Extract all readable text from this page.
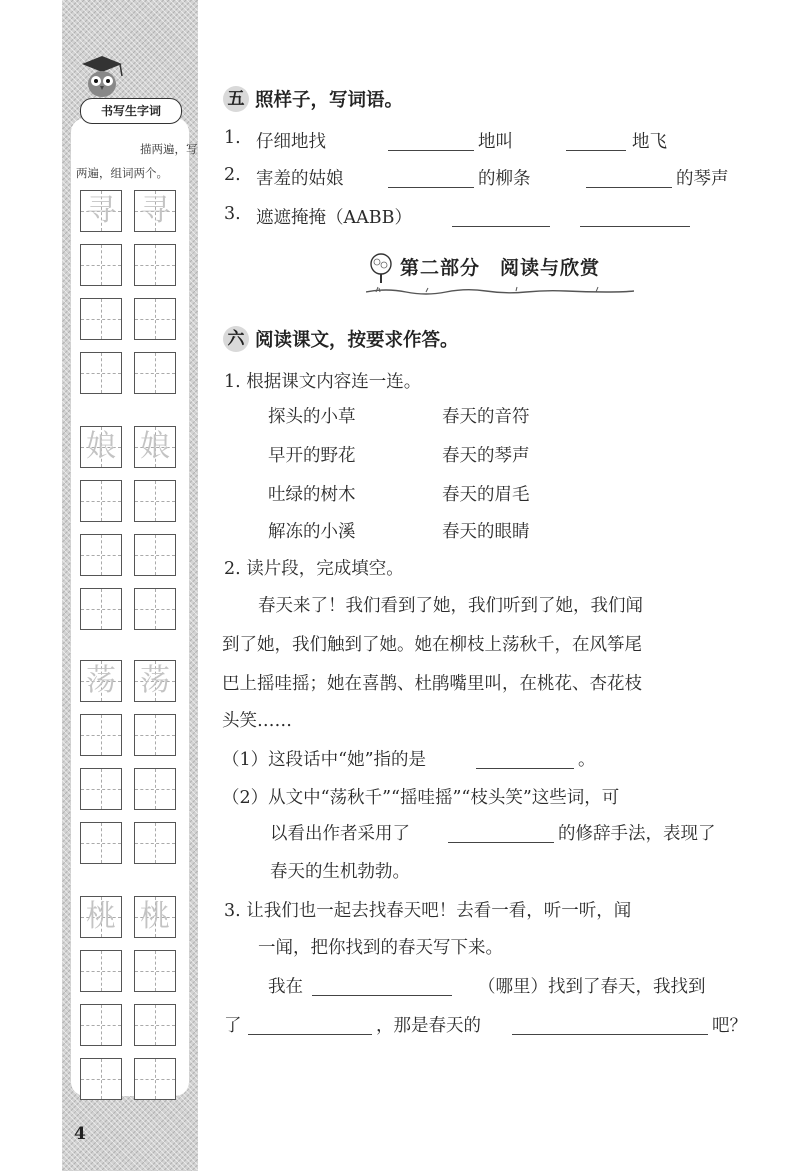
书写生字词
描两遍，写
两遍，组词两个。
寻 寻
娘 娘
荡 荡
桃 桃
4
五 照样子，写词语。
1. 仔细地找	地叫	地飞
2. 害羞的姑娘	的柳条	的琴声
3. 遮遮掩掩（AABB）
第二部分　阅读与欣赏
六 阅读课文，按要求作答。
1. 根据课文内容连一连。
探头的小草	春天的音符
早开的野花	春天的琴声
吐绿的树木	春天的眉毛
解冻的小溪	春天的眼睛
2. 读片段，完成填空。
春天来了！我们看到了她，我们听到了她，我们闻
到了她，我们触到了她。她在柳枝上荡秋千，在风筝尾
巴上摇哇摇；她在喜鹊、杜鹃嘴里叫，在桃花、杏花枝
头笑……
（1）这段话中“她”指的是	。
（2）从文中“荡秋千”“摇哇摇”“枝头笑”这些词，可
以看出作者采用了	的修辞手法，表现了
春天的生机勃勃。
3. 让我们也一起去找春天吧！去看一看，听一听，闻
一闻，把你找到的春天写下来。
我在	（哪里）找到了春天，我找到
了	，那是春天的	吧？
